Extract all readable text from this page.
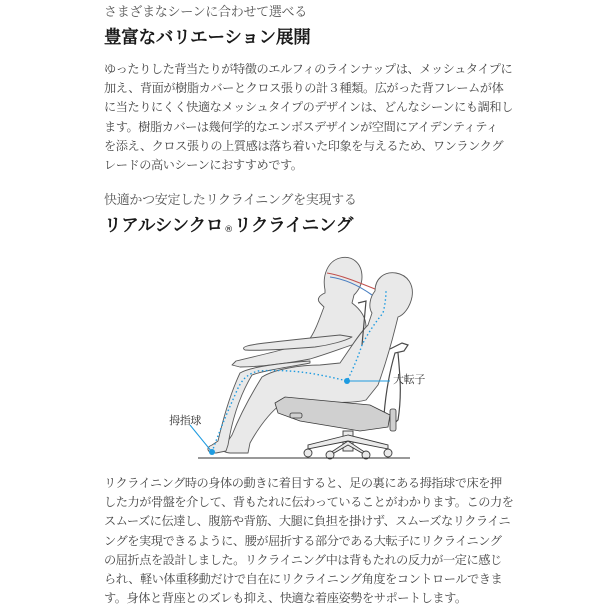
さまざまなシーンに合わせて選べる
豊富なバリエーション展開
ゆったりした背当たりが特徴のエルフィのラインナップは、メッシュタイプに
加え、背面が樹脂カバーとクロス張りの計３種類。広がった背フレームが体
に当たりにくく快適なメッシュタイプのデザインは、どんなシーンにも調和し
ます。樹脂カバーは幾何学的なエンボスデザインが空間にアイデンティティ
を添え、クロス張りの上質感は落ち着いた印象を与えるため、ワンランクグ
レードの高いシーンにおすすめです。
快適かつ安定したリクライニングを実現する
リアルシンクロ®リクライニング
大転子
拇指球
リクライニング時の身体の動きに着目すると、足の裏にある拇指球で床を押
した力が骨盤を介して、背もたれに伝わっていることがわかります。この力を
スムーズに伝達し、腹筋や背筋、大腿に負担を掛けず、スムーズなリクライニ
ングを実現できるように、腰が屈折する部分である大転子にリクライニング
の屈折点を設計しました。リクライニング中は背もたれの反力が一定に感じ
られ、軽い体重移動だけで自在にリクライニング角度をコントロールできま
す。身体と背座とのズレも抑え、快適な着座姿勢をサポートします。
